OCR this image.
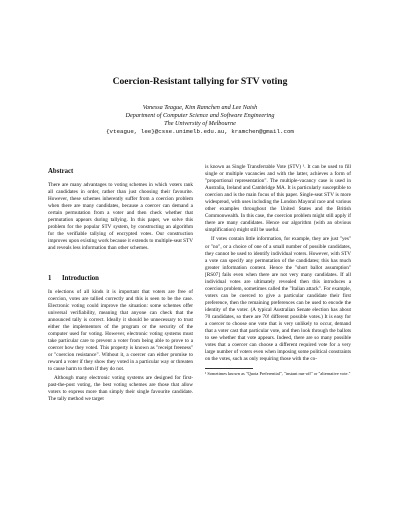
Coercion-Resistant tallying for STV voting
Vanessa Teague, Kim Ramchen and Lee Naish
Department of Computer Science and Software Engineering
The University of Melbourne
{vteague, lee}@csse.unimelb.edu.au, kramchen@gmail.com
Abstract

There are many advantages to voting schemes in which voters rank all candidates in order, rather than just choosing their favourite. However, these schemes inherently suffer from a coercion problem when there are many candidates, because a coercer can demand a certain permutation from a voter and then check whether that permutation appears during tallying. In this paper, we solve this problem for the popular STV system, by constructing an algorithm for the verifiable tallying of encrypted votes. Our construction improves upon existing work because it extends to multiple-seat STV and reveals less information than other schemes.

1 Introduction

In elections of all kinds it is important that voters are free of coercion, votes are tallied correctly and this is seen to be the case. Electronic voting could improve the situation: some schemes offer universal verifiability, meaning that anyone can check that the announced tally is correct. Ideally it should be unnecessary to trust either the implementors of the program or the security of the computer used for voting. However, electronic voting systems must take particular care to prevent a voter from being able to prove to a coercer how they voted. This property is known as "receipt freeness" or "coercion resistance". Without it, a coercer can either promise to reward a voter if they show they voted in a particular way or threaten to cause harm to them if they do not.

Although many electronic voting systems are designed for first-past-the-post voting, the best voting schemes are those that allow voters to express more than simply their single favourite candidate. The tally method we target

is known as Single Transferrable Vote (STV) ¹. It can be used to fill single or multiple vacancies and with the latter, achieves a form of "proportional representation". The multiple-vacancy case is used in Australia, Ireland and Cambridge MA. It is particularly susceptible to coercion and is the main focus of this paper. Single-seat STV is more widespread, with uses including the London Mayoral race and various other examples throughout the United States and the British Commonwealth. In this case, the coercion problem might still apply if there are many candidates. Hence our algorithm (with an obvious simplification) might still be useful.

If votes contain little information, for example, they are just "yes" or "no", or a choice of one of a small number of possible candidates, they cannot be used to identify individual voters. However, with STV a vote can specify any permutation of the candidates; this has much greater information content. Hence the "short ballot assumption" [RS07] fails even when there are not very many candidates. If all individual votes are ultimately revealed then this introduces a coercion problem, sometimes called the "Italian attack". For example, voters can be coerced to give a particular candidate their first preference, then the remaining preferences can be used to encode the identity of the voter. (A typical Australian Senate election has about 70 candidates, so there are 70! different possible votes.) It is easy for a coercer to choose one vote that is very unlikely to occur, demand that a voter cast that particular vote, and then look through the ballots to see whether that vote appears. Indeed, there are so many possible votes that a coercer can choose a different required vote for a very large number of voters even when imposing some political constraints on the votes, such as only requiring those with the co-

¹ Sometimes known as "Quota Preferential", "instant run-off" or "alternative vote."
